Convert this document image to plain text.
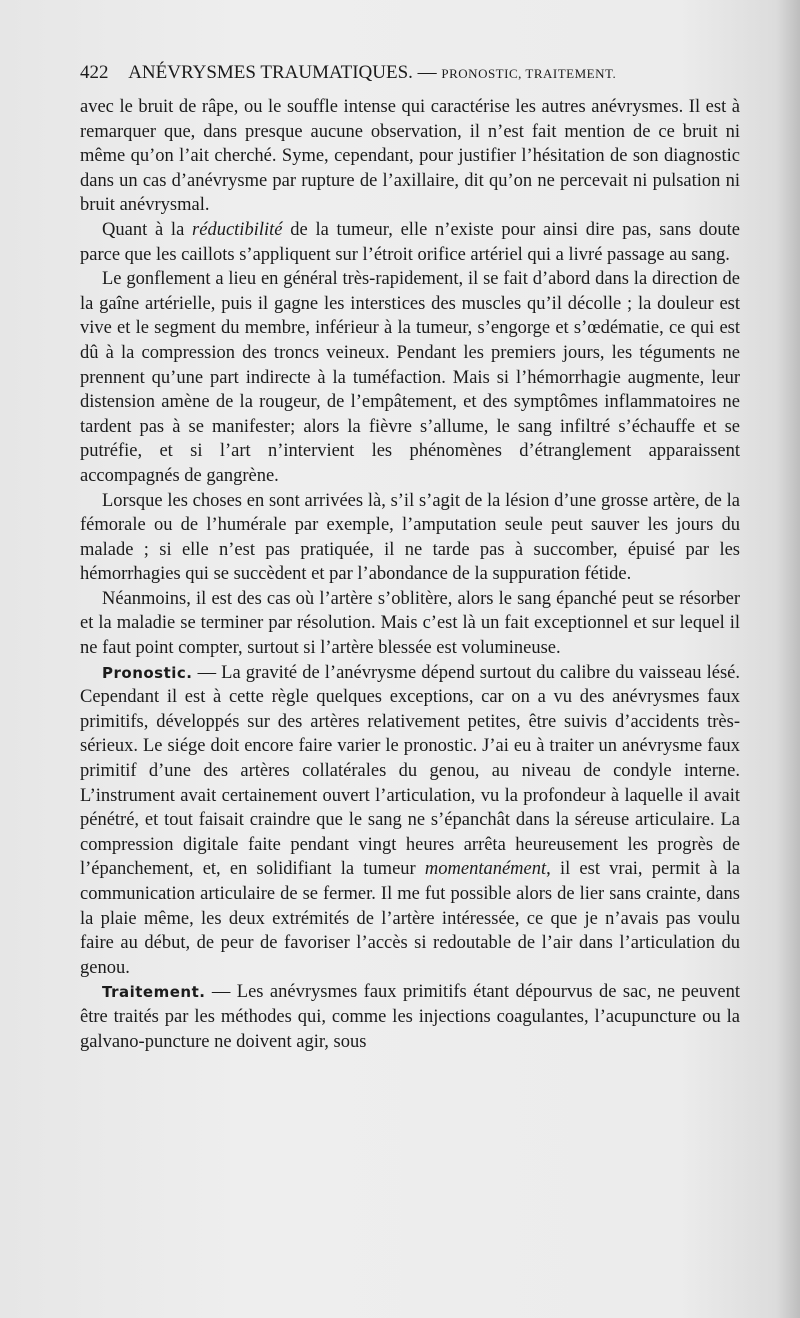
422 ANÉVRYSMES TRAUMATIQUES. — PRONOSTIC, TRAITEMENT.

avec le bruit de râpe, ou le souffle intense qui caractérise les autres anévrysmes. Il est à remarquer que, dans presque aucune observation, il n’est fait mention de ce bruit ni même qu’on l’ait cherché. Syme, cependant, pour justifier l’hésitation de son diagnostic dans un cas d’anévrysme par rupture de l’axillaire, dit qu’on ne percevait ni pulsation ni bruit anévrysmal.

Quant à la réductibilité de la tumeur, elle n’existe pour ainsi dire pas, sans doute parce que les caillots s’appliquent sur l’étroit orifice artériel qui a livré passage au sang.

Le gonflement a lieu en général très-rapidement, il se fait d’abord dans la direction de la gaîne artérielle, puis il gagne les interstices des muscles qu’il décolle ; la douleur est vive et le segment du membre, inférieur à la tumeur, s’engorge et s’œdématie, ce qui est dû à la compression des troncs veineux. Pendant les premiers jours, les téguments ne prennent qu’une part indirecte à la tuméfaction. Mais si l’hémorrhagie augmente, leur distension amène de la rougeur, de l’empâtement, et des symptômes inflammatoires ne tardent pas à se manifester; alors la fièvre s’allume, le sang infiltré s’échauffe et se putréfie, et si l’art n’intervient les phénomènes d’étranglement apparaissent accompagnés de gangrène.

Lorsque les choses en sont arrivées là, s’il s’agit de la lésion d’une grosse artère, de la fémorale ou de l’humérale par exemple, l’amputation seule peut sauver les jours du malade ; si elle n’est pas pratiquée, il ne tarde pas à succomber, épuisé par les hémorrhagies qui se succèdent et par l’abondance de la suppuration fétide.

Néanmoins, il est des cas où l’artère s’oblitère, alors le sang épanché peut se résorber et la maladie se terminer par résolution. Mais c’est là un fait exceptionnel et sur lequel il ne faut point compter, surtout si l’artère blessée est volumineuse.

Pronostic. — La gravité de l’anévrysme dépend surtout du calibre du vaisseau lésé. Cependant il est à cette règle quelques exceptions, car on a vu des anévrysmes faux primitifs, développés sur des artères relativement petites, être suivis d’accidents très-sérieux. Le siége doit encore faire varier le pronostic. J’ai eu à traiter un anévrysme faux primitif d’une des artères collatérales du genou, au niveau de condyle interne. L’instrument avait certainement ouvert l’articulation, vu la profondeur à laquelle il avait pénétré, et tout faisait craindre que le sang ne s’épanchât dans la séreuse articulaire. La compression digitale faite pendant vingt heures arrêta heureusement les progrès de l’épanchement, et, en solidifiant la tumeur momentanément, il est vrai, permit à la communication articulaire de se fermer. Il me fut possible alors de lier sans crainte, dans la plaie même, les deux extrémités de l’artère intéressée, ce que je n’avais pas voulu faire au début, de peur de favoriser l’accès si redoutable de l’air dans l’articulation du genou.

Traitement. — Les anévrysmes faux primitifs étant dépourvus de sac, ne peuvent être traités par les méthodes qui, comme les injections coagulantes, l’acupuncture ou la galvano-puncture ne doivent agir, sous
